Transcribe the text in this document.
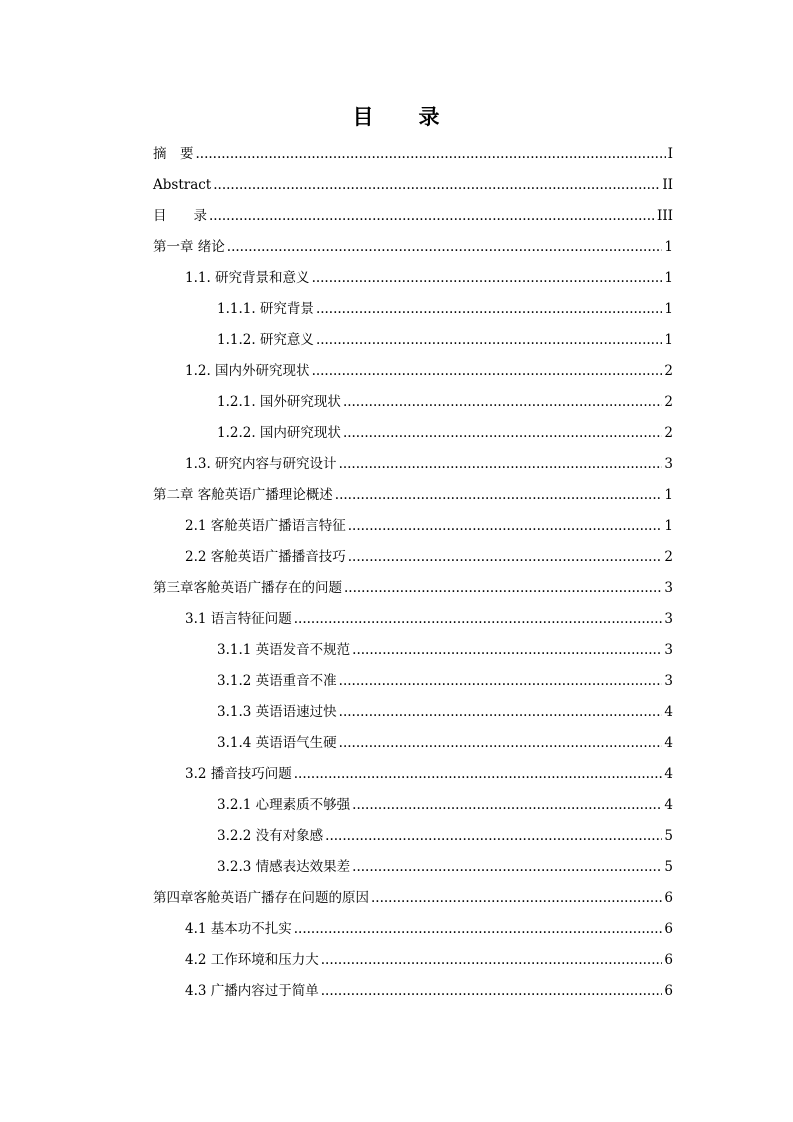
目　　录
摘　要 .....	I
Abstract .....	II
目　　录 .....	III
第一章 绪论 .....	1
1.1. 研究背景和意义 .....	1
1.1.1. 研究背景 .....	1
1.1.2. 研究意义 .....	1
1.2. 国内外研究现状 .....	2
1.2.1. 国外研究现状 .....	2
1.2.2. 国内研究现状 .....	2
1.3. 研究内容与研究设计 .....	3
第二章 客舱英语广播理论概述 .....	1
2.1 客舱英语广播语言特征 .....	1
2.2 客舱英语广播播音技巧 .....	2
第三章客舱英语广播存在的问题 .....	3
3.1 语言特征问题 .....	3
3.1.1 英语发音不规范 .....	3
3.1.2 英语重音不准 .....	3
3.1.3 英语语速过快 .....	4
3.1.4 英语语气生硬 .....	4
3.2 播音技巧问题 .....	4
3.2.1 心理素质不够强 .....	4
3.2.2 没有对象感 .....	5
3.2.3 情感表达效果差 .....	5
第四章客舱英语广播存在问题的原因 .....	6
4.1 基本功不扎实 .....	6
4.2 工作环境和压力大 .....	6
4.3 广播内容过于简单 .....	6
